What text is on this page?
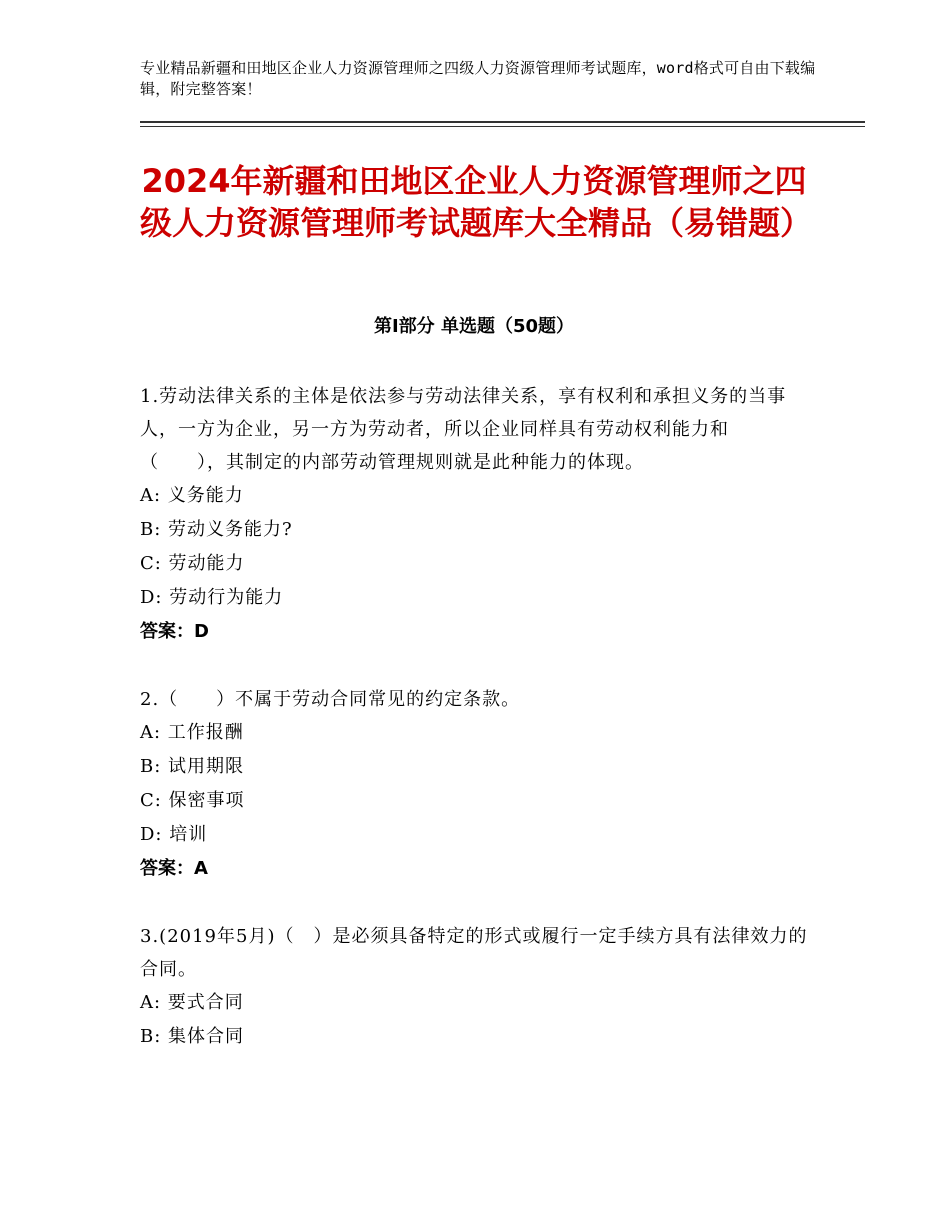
专业精品新疆和田地区企业人力资源管理师之四级人力资源管理师考试题库，word格式可自由下载编辑，附完整答案！
2024年新疆和田地区企业人力资源管理师之四级人力资源管理师考试题库大全精品（易错题）
第Ⅰ部分 单选题（50题）

1.劳动法律关系的主体是依法参与劳动法律关系，享有权利和承担义务的当事人，一方为企业，另一方为劳动者，所以企业同样具有劳动权利能力和（　　），其制定的内部劳动管理规则就是此种能力的体现。

A: 义务能力

B: 劳动义务能力?

C: 劳动能力

D: 劳动行为能力

答案：D

2.（　　）不属于劳动合同常见的约定条款。

A: 工作报酬

B: 试用期限

C: 保密事项

D: 培训

答案：A

3.(2019年5月)（　）是必须具备特定的形式或履行一定手续方具有法律效力的合同。

A: 要式合同

B: 集体合同
